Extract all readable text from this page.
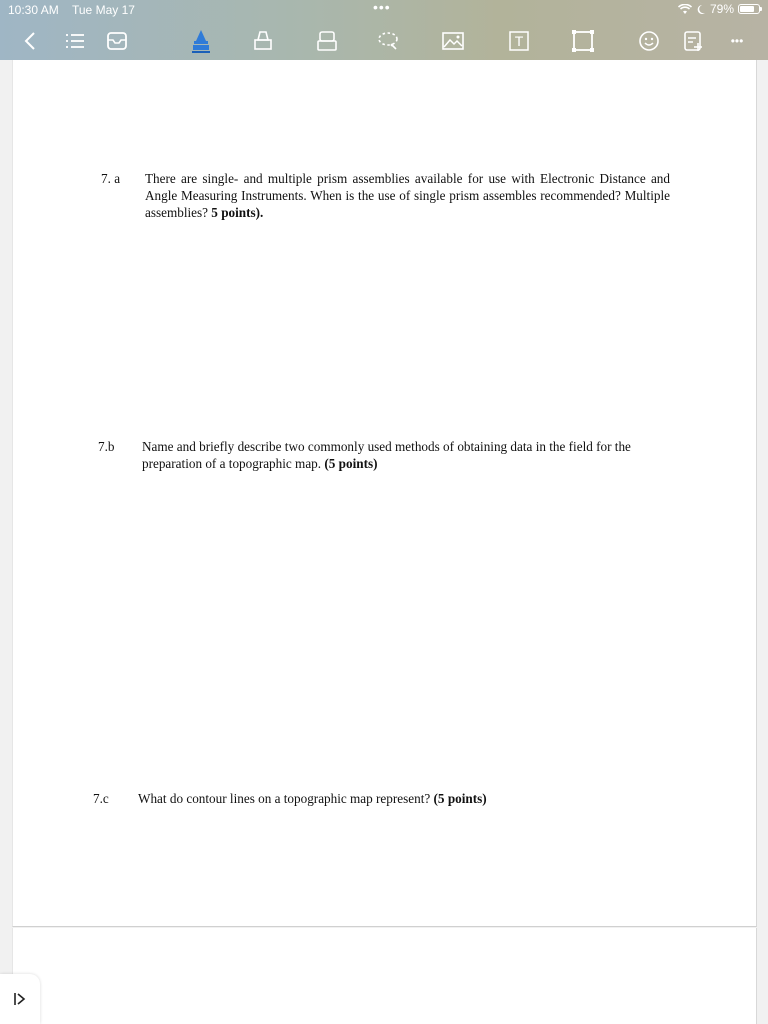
10:30 AM Tue May 17	•••	79%
T	•••
7. a There are single- and multiple prism assemblies available for use with Electronic Distance and Angle Measuring Instruments. When is the use of single prism assembles recommended? Multiple assemblies? 5 points).
7.b Name and briefly describe two commonly used methods of obtaining data in the field for the preparation of a topographic map. (5 points)
7.c What do contour lines on a topographic map represent? (5 points)
